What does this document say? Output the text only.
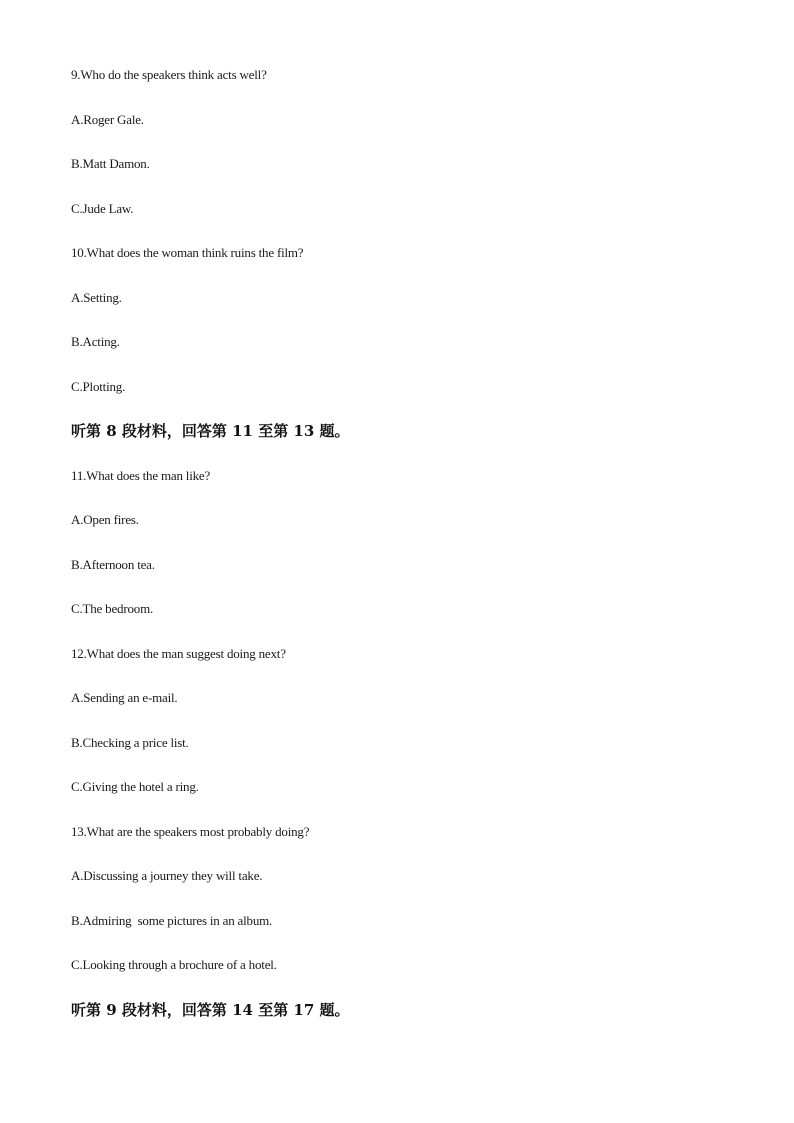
9.Who do the speakers think acts well?
A.Roger Gale.
B.Matt Damon.
C.Jude Law.
10.What does the woman think ruins the film?
A.Setting.
B.Acting.
C.Plotting.
听第 8 段材料，回答第 11 至第 13 题。
11.What does the man like?
A.Open fires.
B.Afternoon tea.
C.The bedroom.
12.What does the man suggest doing next?
A.Sending an e-mail.
B.Checking a price list.
C.Giving the hotel a ring.
13.What are the speakers most probably doing?
A.Discussing a journey they will take.
B.Admiring  some pictures in an album.
C.Looking through a brochure of a hotel.
听第 9 段材料，回答第 14 至第 17 题。
